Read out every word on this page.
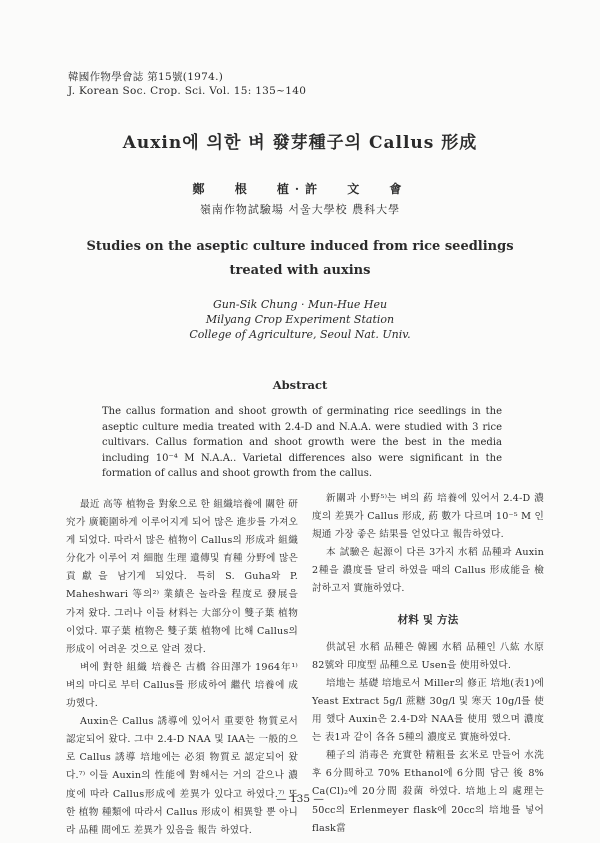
韓國作物學會誌 第15號(1974.)
J. Korean Soc. Crop. Sci. Vol. 15: 135~140
Auxin에 의한 벼 發芽種子의 Callus 形成
鄭 根 植·許 文 會
嶺南作物試驗場 서울大學校 農科大學
Studies on the aseptic culture induced from rice seedlings
treated with auxins
Gun-Sik Chung · Mun-Hue Heu
Milyang Crop Experiment Station
College of Agriculture, Seoul Nat. Univ.
Abstract
The callus formation and shoot growth of germinating rice seedlings in the aseptic culture media treated with 2.4-D and N.A.A. were studied with 3 rice cultivars. Callus formation and shoot growth were the best in the media including 10⁻⁴ M N.A.A.. Varietal differences also were significant in the formation of callus and shoot growth from the callus.

最近 高等 植物을 對象으로 한 組織培養에 關한 研究가 廣範圍하게 이루어지게 되어 많은 進步를 가져오게 되었다. 따라서 많은 植物이 Callus의 形成과 組織 分化가 이루어 져 細胞 生理 遺傳및 育種 分野에 많은 貢獻을 남기게 되었다. 특히 S. Guha와 P. Maheshwari 等의²⁾ 業績은 놀라울 程度로 發展을 가져 왔다. 그러나 이들 材料는 大部分이 雙子葉 植物이었다. 單子葉 植物은 雙子葉 植物에 比해 Callus의 形成이 어려운 것으로 알려 졌다.

벼에 對한 組織 培養은 古橋 谷田澤가 1964年¹⁾ 벼의 마디로 부터 Callus를 形成하여 繼代 培養에 成功했다.

Auxin은 Callus 誘導에 있어서 重要한 物質로서 認定되어 왔다. 그中 2.4-D NAA 및 IAA는 一般的으로 Callus 誘導 培地에는 必須 物質로 認定되어 왔다.⁷⁾ 이들 Auxin의 性能에 對해서는 거의 같으나 濃度에 따라 Callus形成에 差異가 있다고 하였다.⁷⁾ 또한 植物 種類에 따라서 Callus 形成이 相異할 뿐 아니라 品種 間에도 差異가 있음을 報告 하였다.

新關과 小野⁵⁾는 벼의 葯 培養에 있어서 2.4-D 濃度의 差異가 Callus 形成, 葯 數가 다르며 10⁻⁵ M 인 規通 가장 좋은 結果를 얻었다고 報告하였다.

本 試驗은 起源이 다른 3가지 水稻 品種과 Auxin 2種을 濃度를 달리 하였을 때의 Callus 形成能을 檢討하고저 實施하였다.

材料 및 方法

供試된 水稻 品種은 韓國 水稻 品種인 八紘 水原 82號와 印度型 品種으로 Usen을 使用하였다.

培地는 基礎 培地로서 Miller의 修正 培地(表1)에 Yeast Extract 5g/l 蔗糖 30g/l 및 寒天 10g/l를 使用 했다 Auxin은 2.4-D와 NAA를 使用 했으며 濃度는 表1과 같이 各各 5種의 濃度로 實施하였다.

種子의 消毒은 充實한 精粗를 玄米로 만들어 水洗 후 6分間하고 70% Ethanol에 6分間 담근 後 8% Ca(Cl)₂에 20分間 殺菌 하였다. 培地上의 處理는 50cc의 Erlenmeyer flask에 20cc의 培地를 넣어 flask當

— 135 —
